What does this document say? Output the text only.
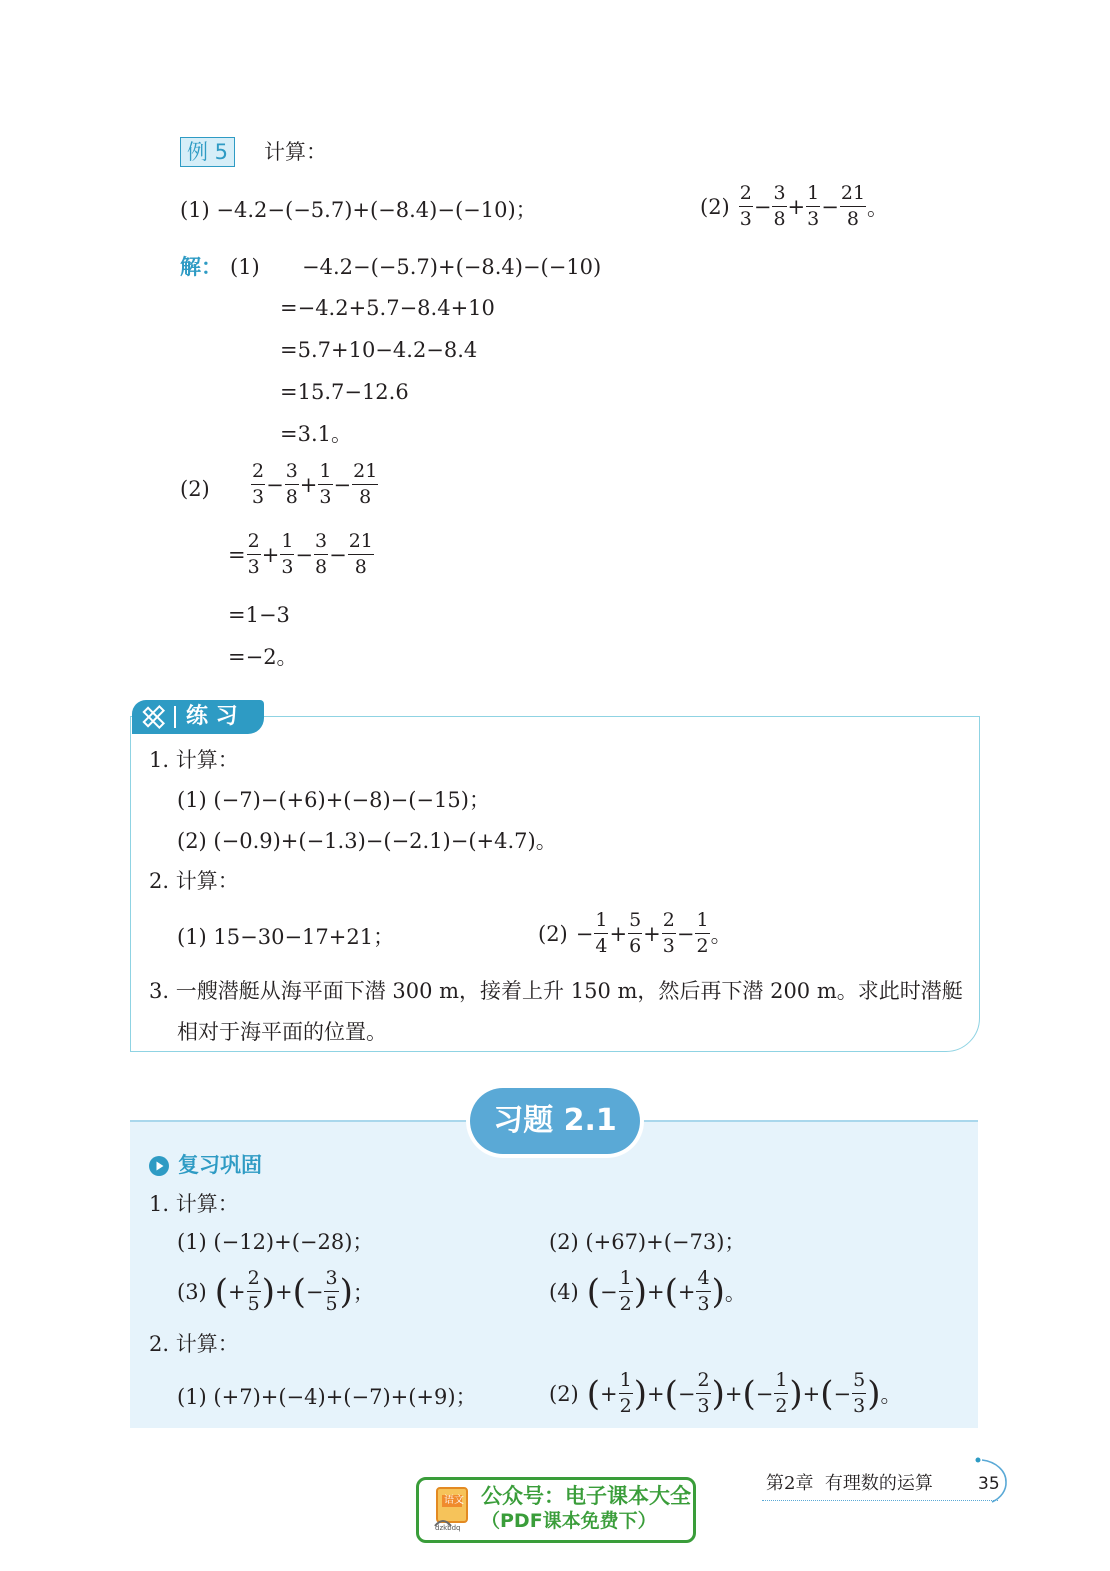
例 5	计算：
(1) −4.2−(−5.7)+(−8.4)−(−10)；	$(2) \frac{2}{3} - \frac{3}{8} + \frac{1}{3} - \frac{21}{8}$ 。
解： (1) −4.2−(−5.7)+(−8.4)−(−10)
=−4.2+5.7−8.4+10
=5.7+10−4.2−8.4
=15.7−12.6
=3.1。
$(2) \frac{2}{3} - \frac{3}{8} + \frac{1}{3} - \frac{21}{8}$
= $\frac{2}{3} + \frac{1}{3} - \frac{3}{8} - \frac{21}{8}$
=1−3
=−2。
练 习
1. 计算：
(1) (−7)−(+6)+(−8)−(−15)；
(2) (−0.9)+(−1.3)−(−2.1)−(+4.7)。
2. 计算：
(1) 15−30−17+21；	$(2) - \frac{1}{4} + \frac{5}{6} + \frac{2}{3} - \frac{1}{2}$ 。
3. 一艘潜艇从海平面下潜 300 m，接着上升 150 m，然后再下潜 200 m。求此时潜艇
相对于海平面的位置。
习题 2.1
复习巩固
1. 计算：
(1) (−12)+(−28)；	(2) (+67)+(−73)；
(3) ( + $\frac{2}{5}$ ) + ( − $\frac{3}{5}$ ) ；	(4) ( − $\frac{1}{2}$ ) + ( + $\frac{4}{3}$ ) 。
2. 计算：
(1) (+7)+(−4)+(−7)+(+9)；	(2) ( + $\frac{1}{2}$ ) + ( − $\frac{2}{3}$ ) + ( − $\frac{1}{2}$ ) + ( − $\frac{5}{3}$ ) 。
第2章  有理数的运算	35
语文
dzkbdq
公众号：电子课本大全
（PDF课本免费下）
